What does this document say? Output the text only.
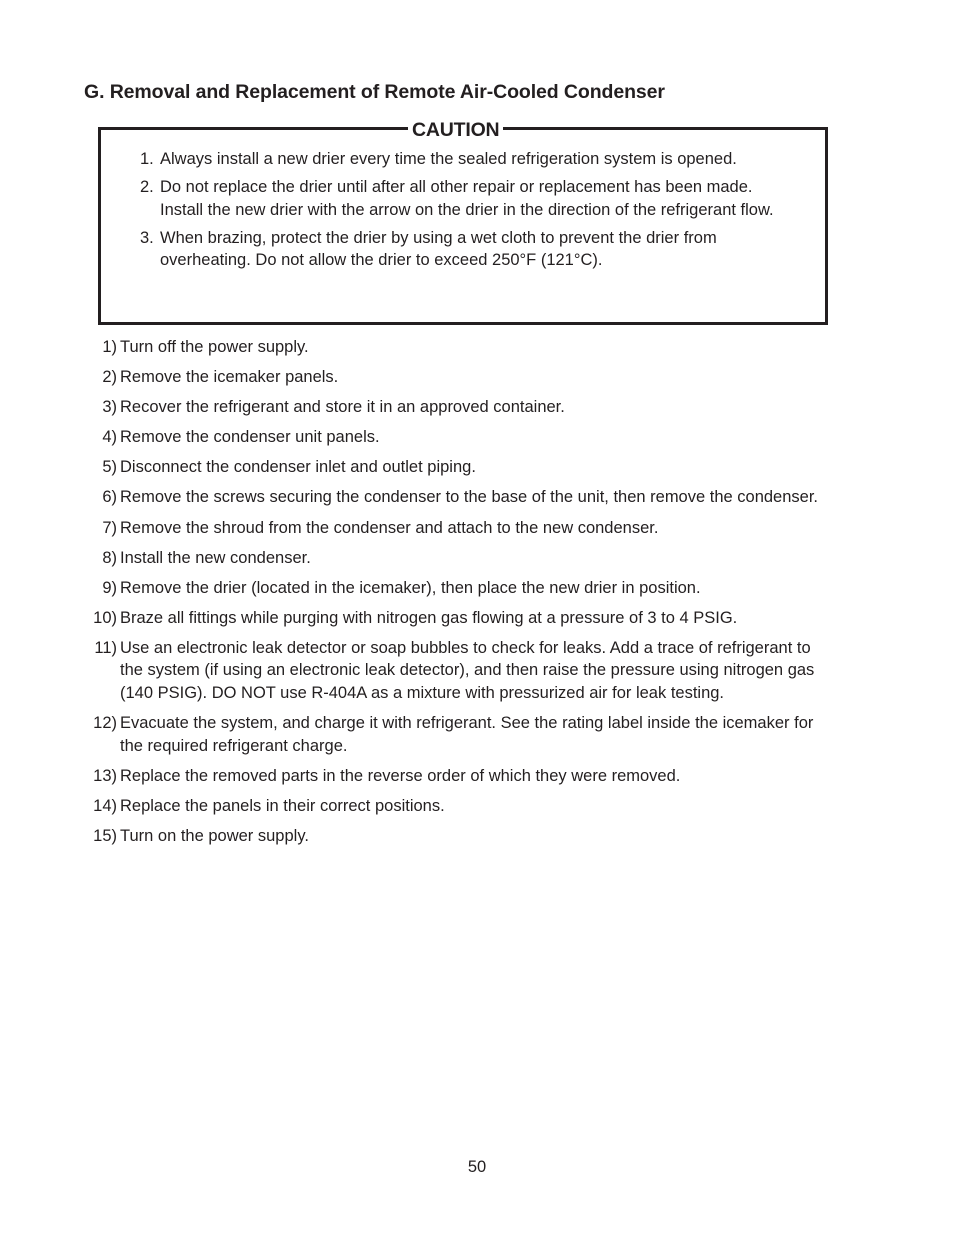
G. Removal and Replacement of Remote Air-Cooled Condenser
CAUTION
1. Always install a new drier every time the sealed refrigeration system is opened.
2. Do not replace the drier until after all other repair or replacement has been made. Install the new drier with the arrow on the drier in the direction of the refrigerant flow.
3. When brazing, protect the drier by using a wet cloth to prevent the drier from overheating. Do not allow the drier to exceed 250°F (121°C).
1) Turn off the power supply.
2) Remove the icemaker panels.
3) Recover the refrigerant and store it in an approved container.
4) Remove the condenser unit panels.
5) Disconnect the condenser inlet and outlet piping.
6) Remove the screws securing the condenser to the base of the unit, then remove the condenser.
7) Remove the shroud from the condenser and attach to the new condenser.
8) Install the new condenser.
9) Remove the drier (located in the icemaker), then place the new drier in position.
10) Braze all fittings while purging with nitrogen gas flowing at a pressure of 3 to 4 PSIG.
11) Use an electronic leak detector or soap bubbles to check for leaks. Add a trace of refrigerant to the system (if using an electronic leak detector), and then raise the pressure using nitrogen gas (140 PSIG). DO NOT use R-404A as a mixture with pressurized air for leak testing.
12) Evacuate the system, and charge it with refrigerant. See the rating label inside the icemaker for the required refrigerant charge.
13) Replace the removed parts in the reverse order of which they were removed.
14) Replace the panels in their correct positions.
15) Turn on the power supply.
50
